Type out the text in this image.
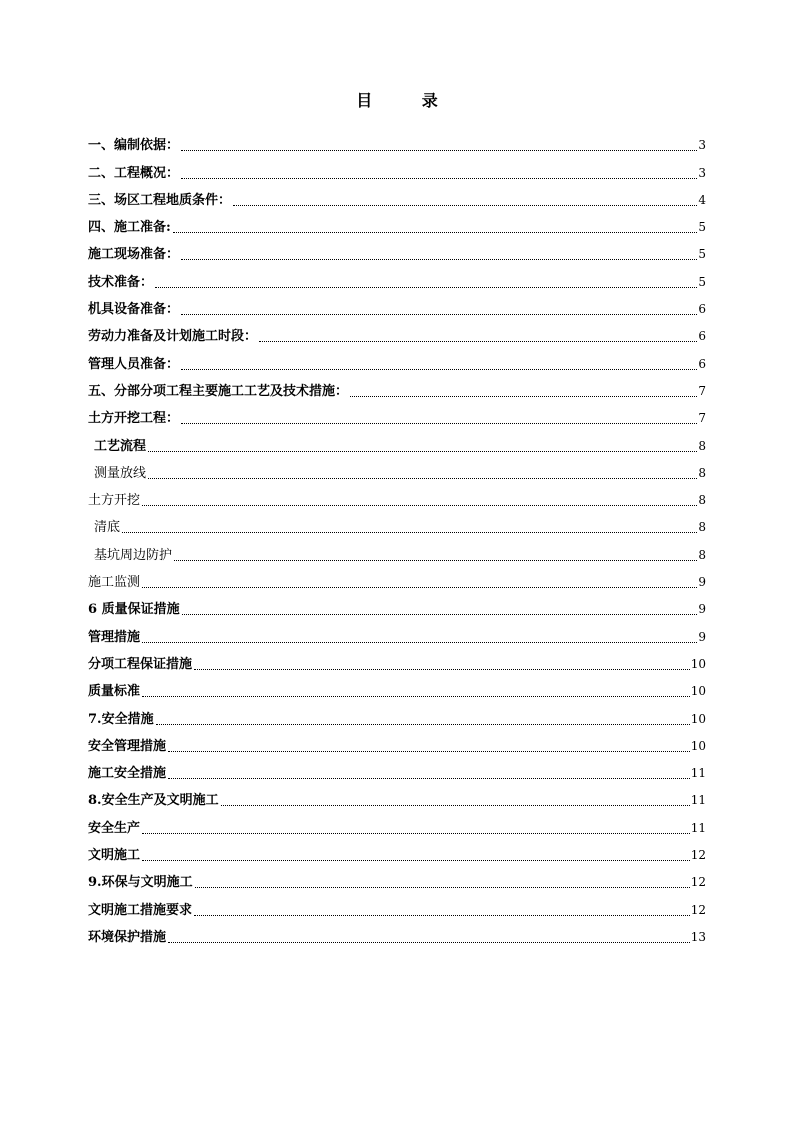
目 录
一、编制依据：	3
二、工程概况：	3
三、场区工程地质条件：	4
四、施工准备:	5
施工现场准备：	5
技术准备：	5
机具设备准备：	6
劳动力准备及计划施工时段：	6
管理人员准备：	6
五、分部分项工程主要施工工艺及技术措施：	7
土方开挖工程：	7
工艺流程	8
测量放线	8
土方开挖	8
清底	8
基坑周边防护	8
施工监测	9
6 质量保证措施	9
管理措施	9
分项工程保证措施	10
质量标准	10
7.安全措施	10
安全管理措施	10
施工安全措施	11
8.安全生产及文明施工	11
安全生产	11
文明施工	12
9.环保与文明施工	12
文明施工措施要求	12
环境保护措施	13
